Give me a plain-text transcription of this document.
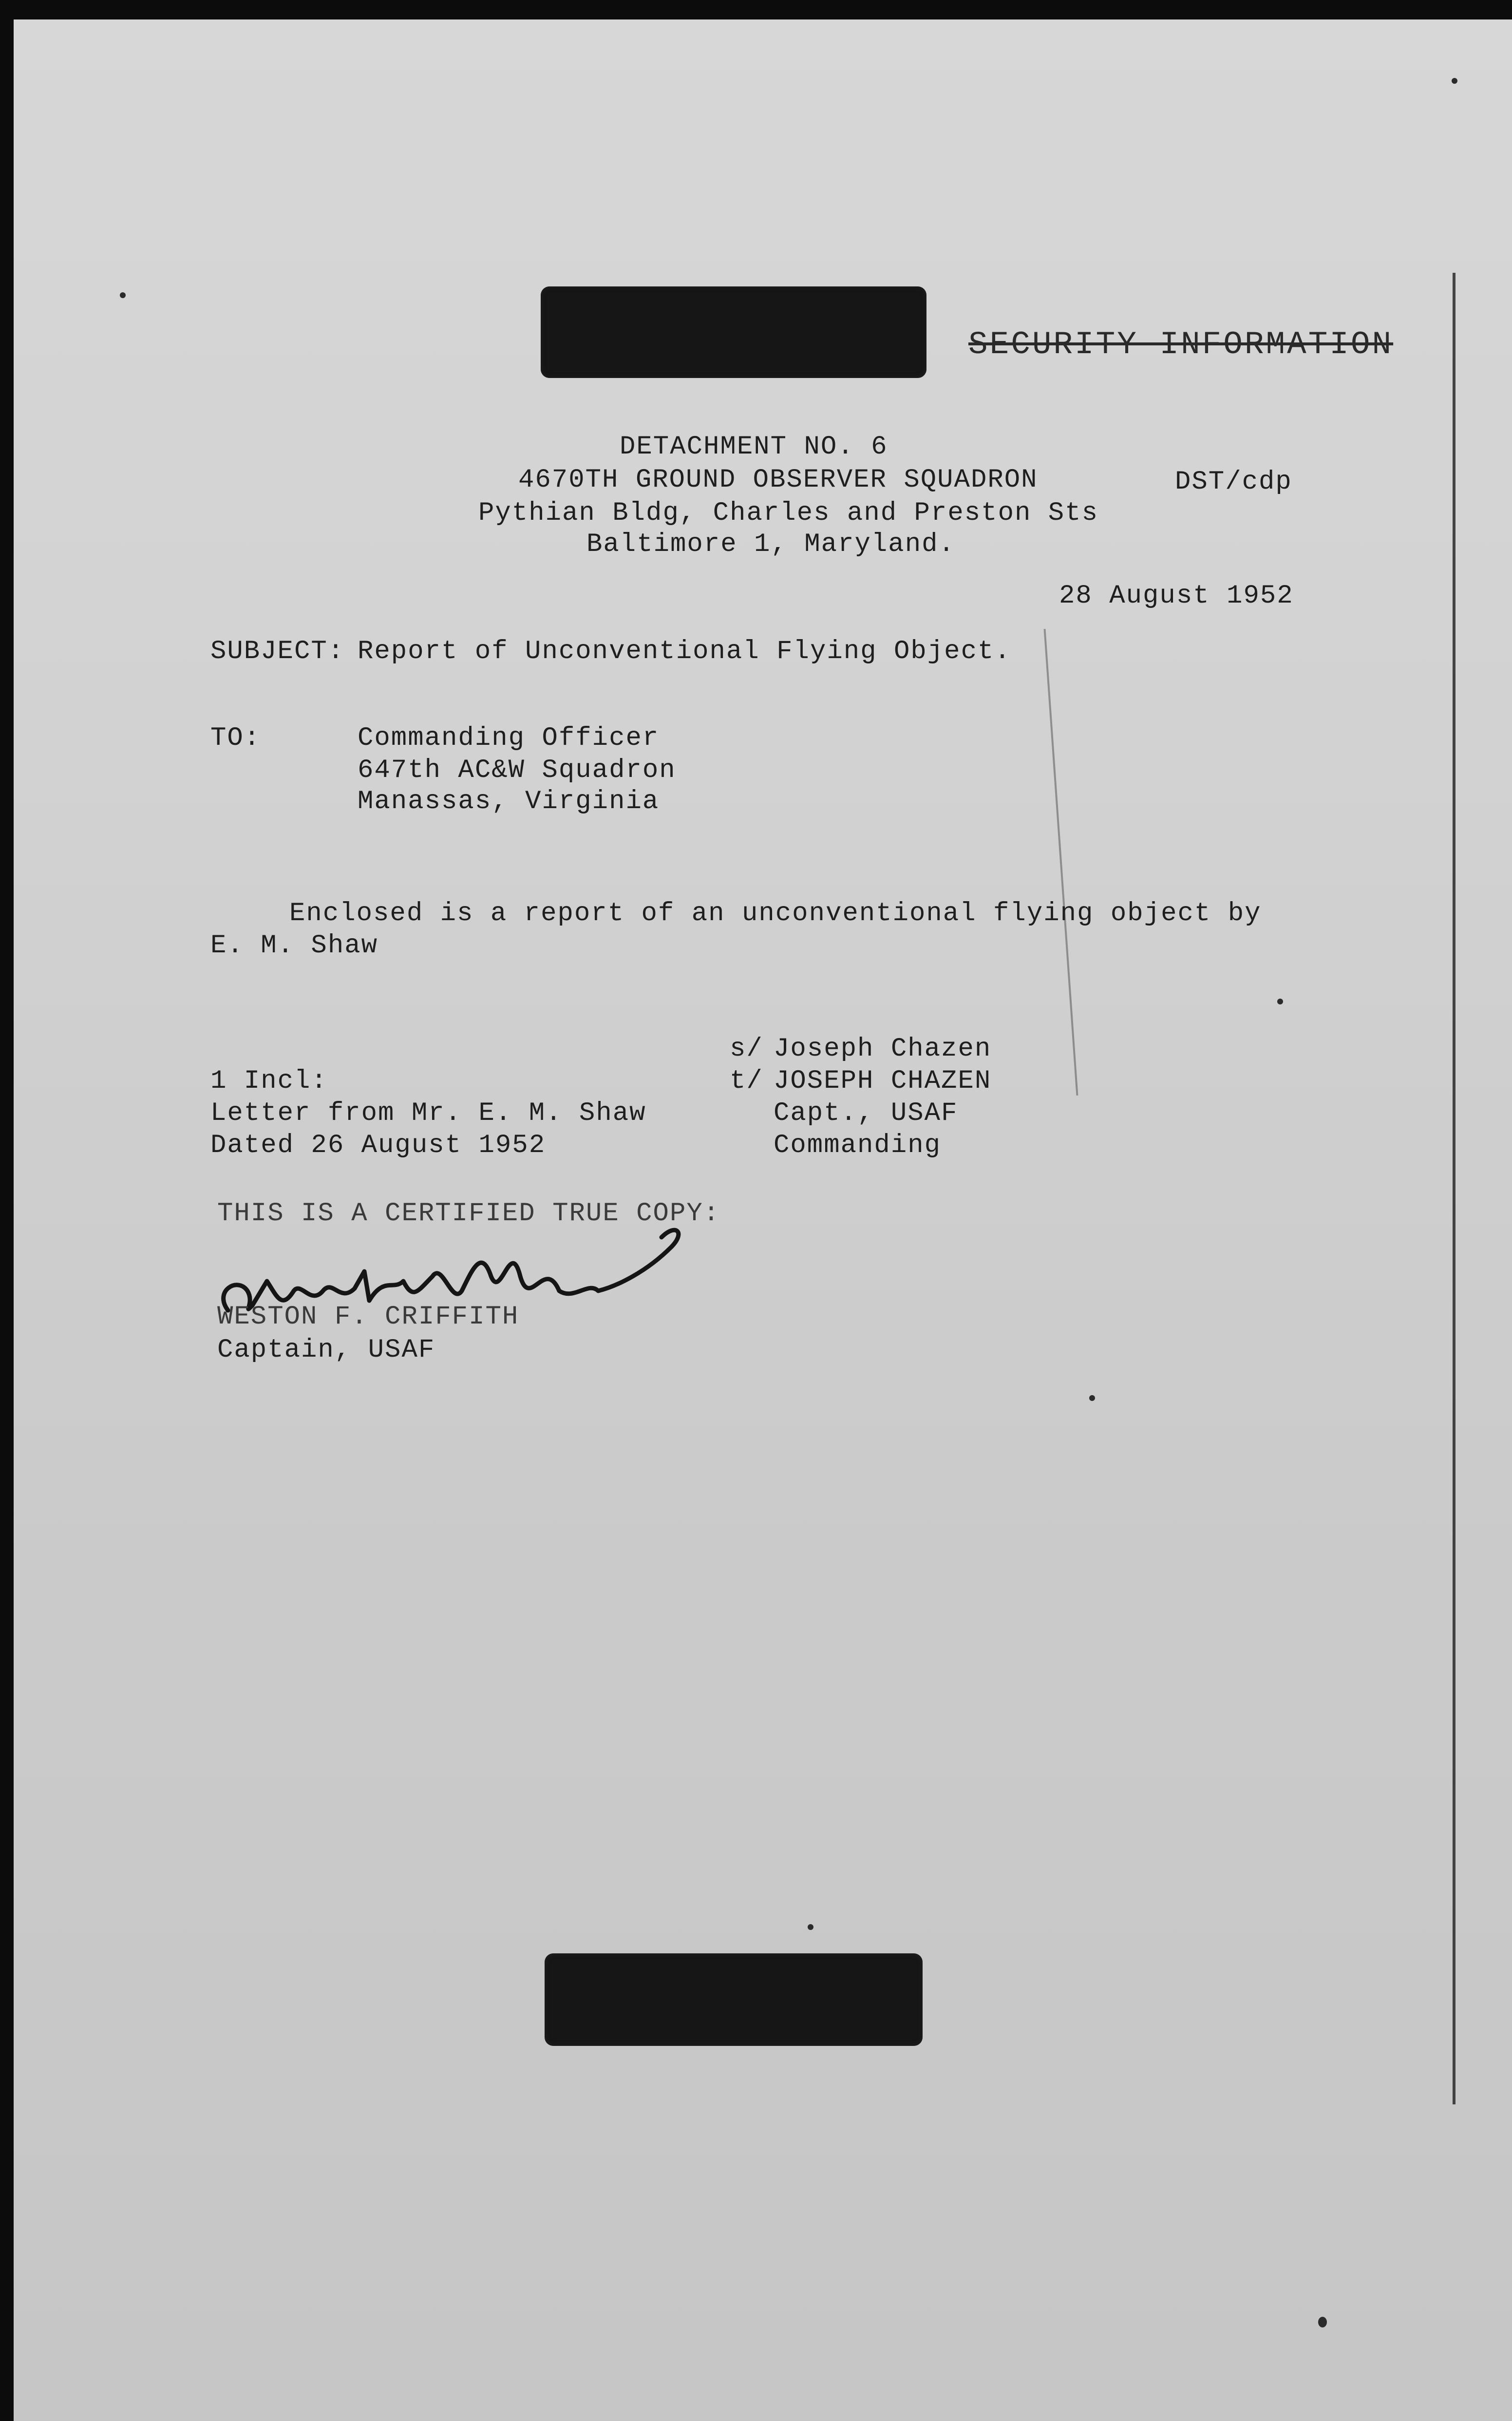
SECURITY INFORMATION
DETACHMENT NO. 6
4670TH GROUND OBSERVER SQUADRON
Pythian Bldg, Charles and Preston Sts
Baltimore 1, Maryland.
DST/cdp
28 August 1952
SUBJECT: Report of Unconventional Flying Object.
TO:	Commanding Officer
647th AC&W Squadron
Manassas, Virginia
Enclosed is a report of an unconventional flying object by
E. M. Shaw
s/ Joseph Chazen
t/ JOSEPH CHAZEN
Capt., USAF
Commanding
1 Incl:
Letter from Mr. E. M. Shaw
Dated 26 August 1952
THIS IS A CERTIFIED TRUE COPY:
WESTON F. CRIFFITH
Captain, USAF
